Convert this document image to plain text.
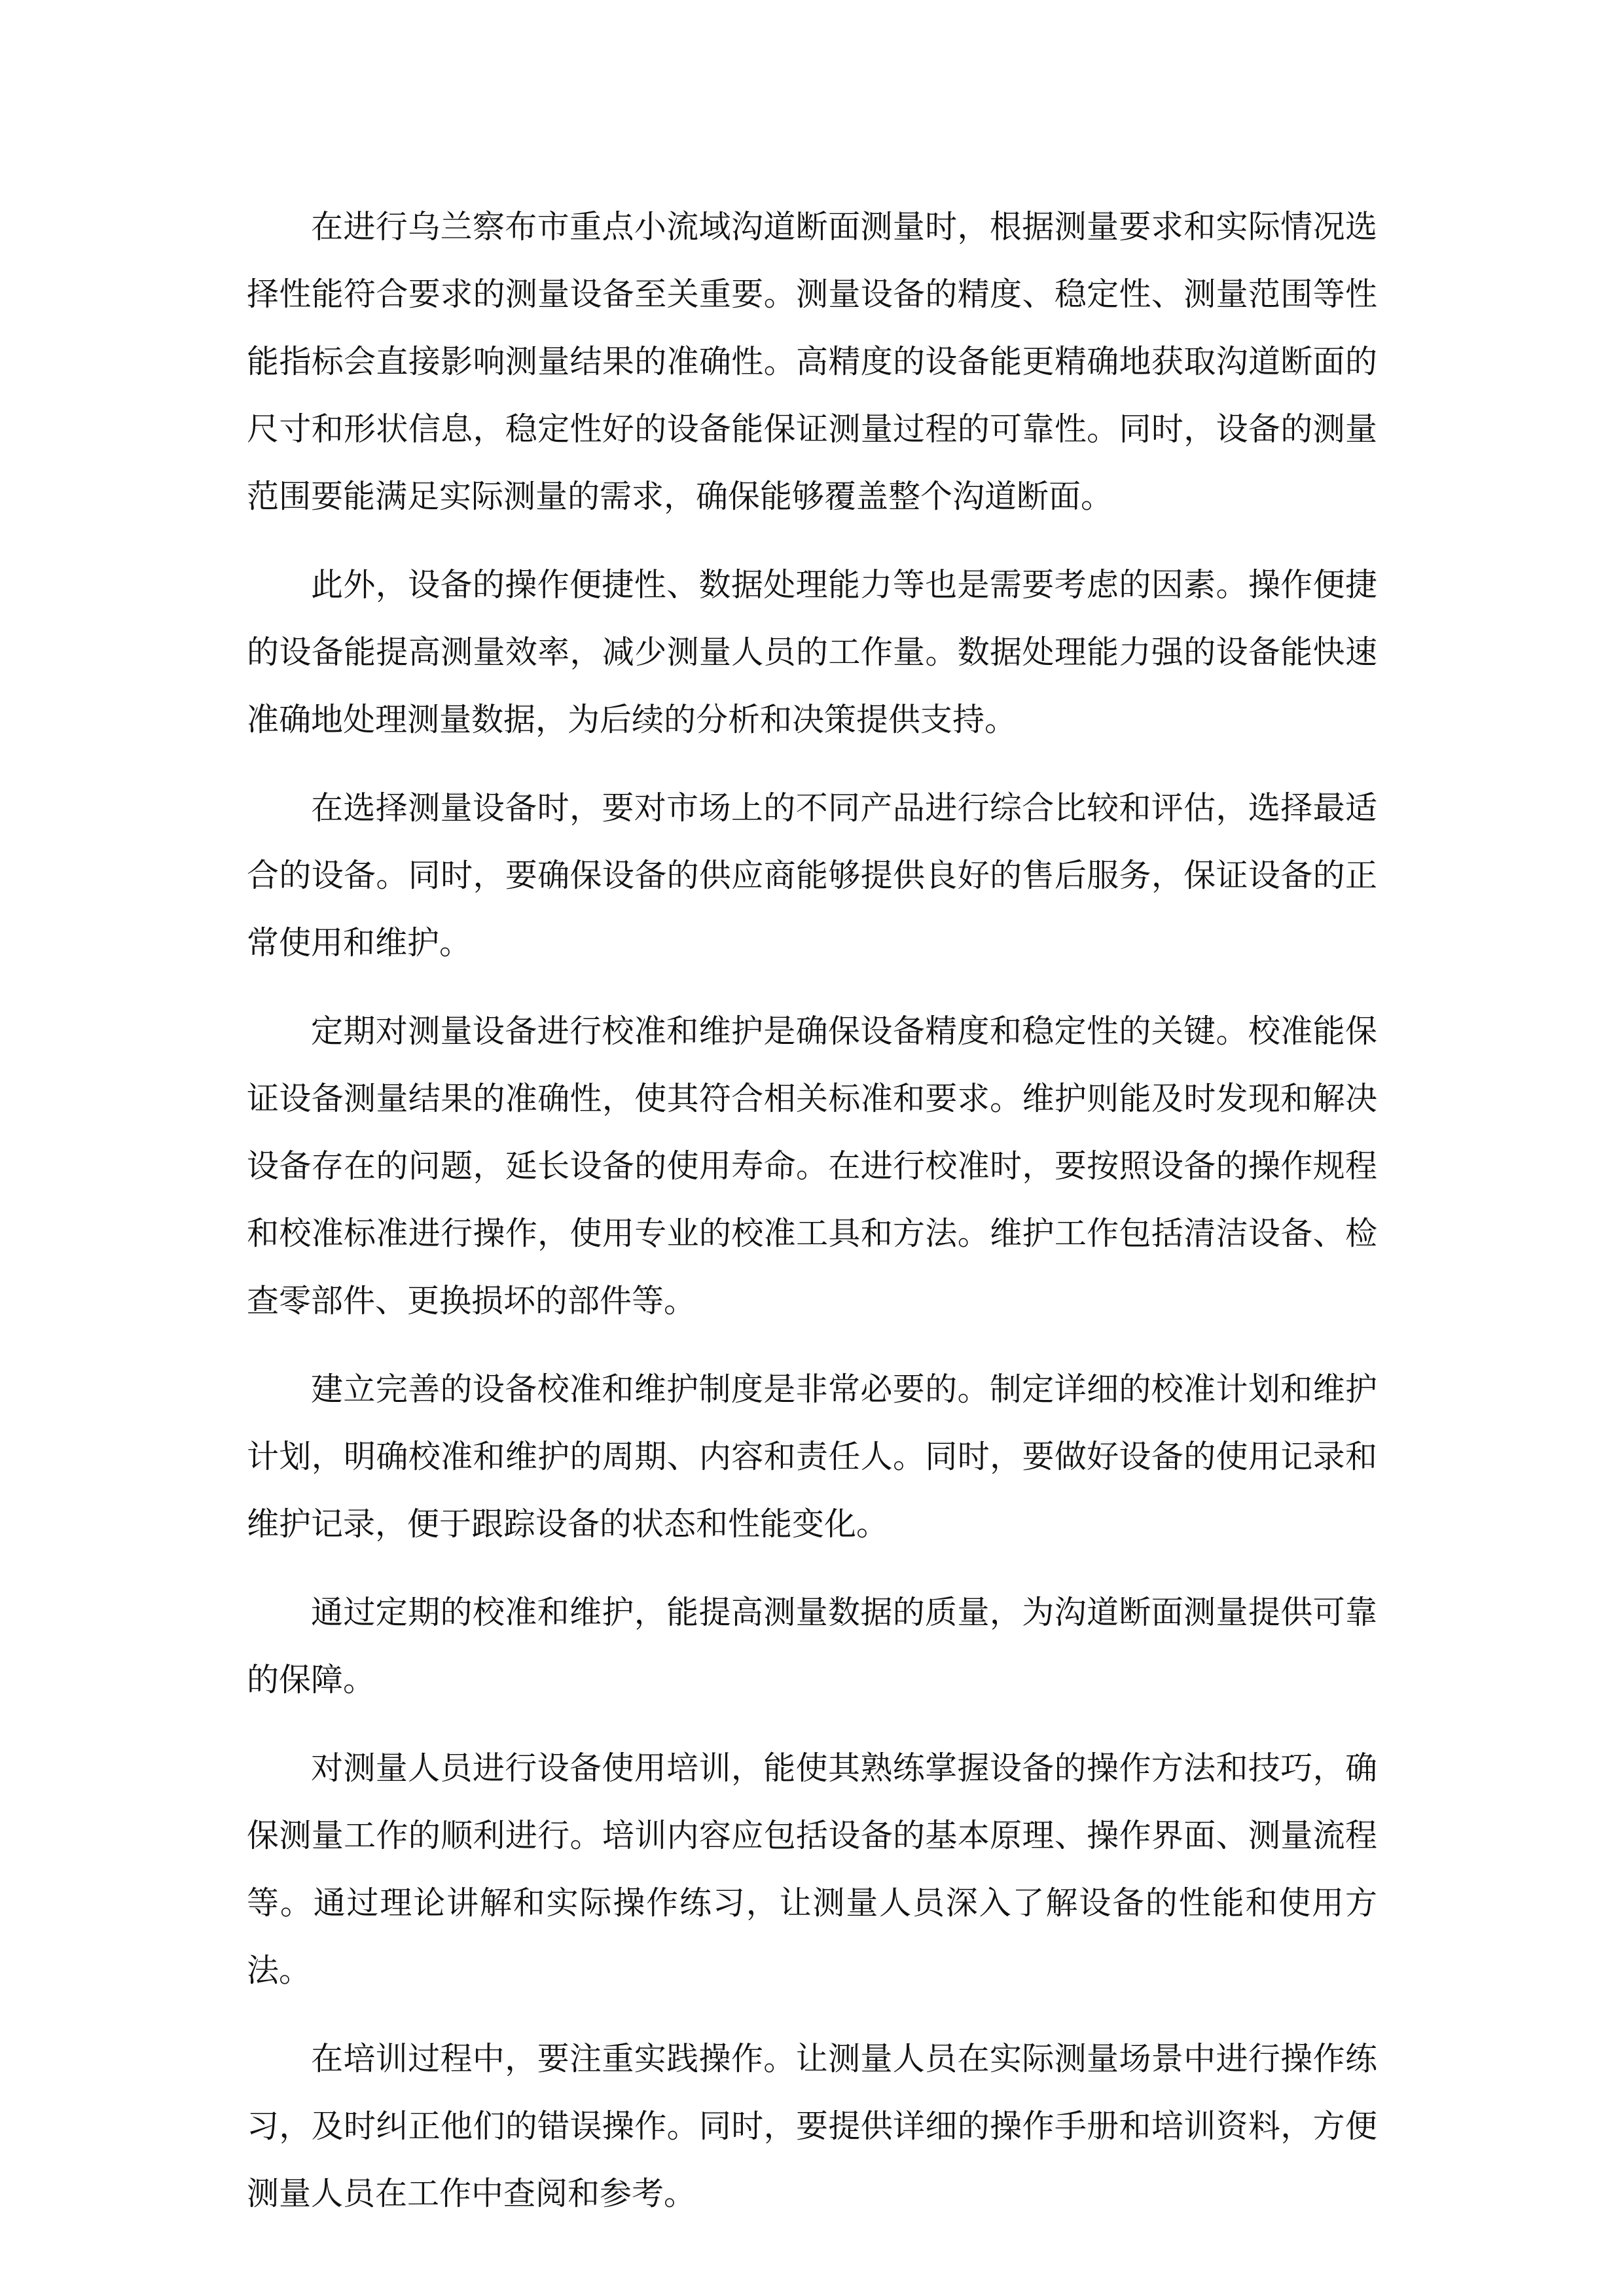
在进行乌兰察布市重点小流域沟道断面测量时，根据测量要求和实际情况选择性能符合要求的测量设备至关重要。测量设备的精度、稳定性、测量范围等性能指标会直接影响测量结果的准确性。高精度的设备能更精确地获取沟道断面的尺寸和形状信息，稳定性好的设备能保证测量过程的可靠性。同时，设备的测量范围要能满足实际测量的需求，确保能够覆盖整个沟道断面。

此外，设备的操作便捷性、数据处理能力等也是需要考虑的因素。操作便捷的设备能提高测量效率，减少测量人员的工作量。数据处理能力强的设备能快速准确地处理测量数据，为后续的分析和决策提供支持。

在选择测量设备时，要对市场上的不同产品进行综合比较和评估，选择最适合的设备。同时，要确保设备的供应商能够提供良好的售后服务，保证设备的正常使用和维护。

定期对测量设备进行校准和维护是确保设备精度和稳定性的关键。校准能保证设备测量结果的准确性，使其符合相关标准和要求。维护则能及时发现和解决设备存在的问题，延长设备的使用寿命。在进行校准时，要按照设备的操作规程和校准标准进行操作，使用专业的校准工具和方法。维护工作包括清洁设备、检查零部件、更换损坏的部件等。

建立完善的设备校准和维护制度是非常必要的。制定详细的校准计划和维护计划，明确校准和维护的周期、内容和责任人。同时，要做好设备的使用记录和维护记录，便于跟踪设备的状态和性能变化。

通过定期的校准和维护，能提高测量数据的质量，为沟道断面测量提供可靠的保障。

对测量人员进行设备使用培训，能使其熟练掌握设备的操作方法和技巧，确保测量工作的顺利进行。培训内容应包括设备的基本原理、操作界面、测量流程等。通过理论讲解和实际操作练习，让测量人员深入了解设备的性能和使用方法。

在培训过程中，要注重实践操作。让测量人员在实际测量场景中进行操作练习，及时纠正他们的错误操作。同时，要提供详细的操作手册和培训资料，方便测量人员在工作中查阅和参考。
